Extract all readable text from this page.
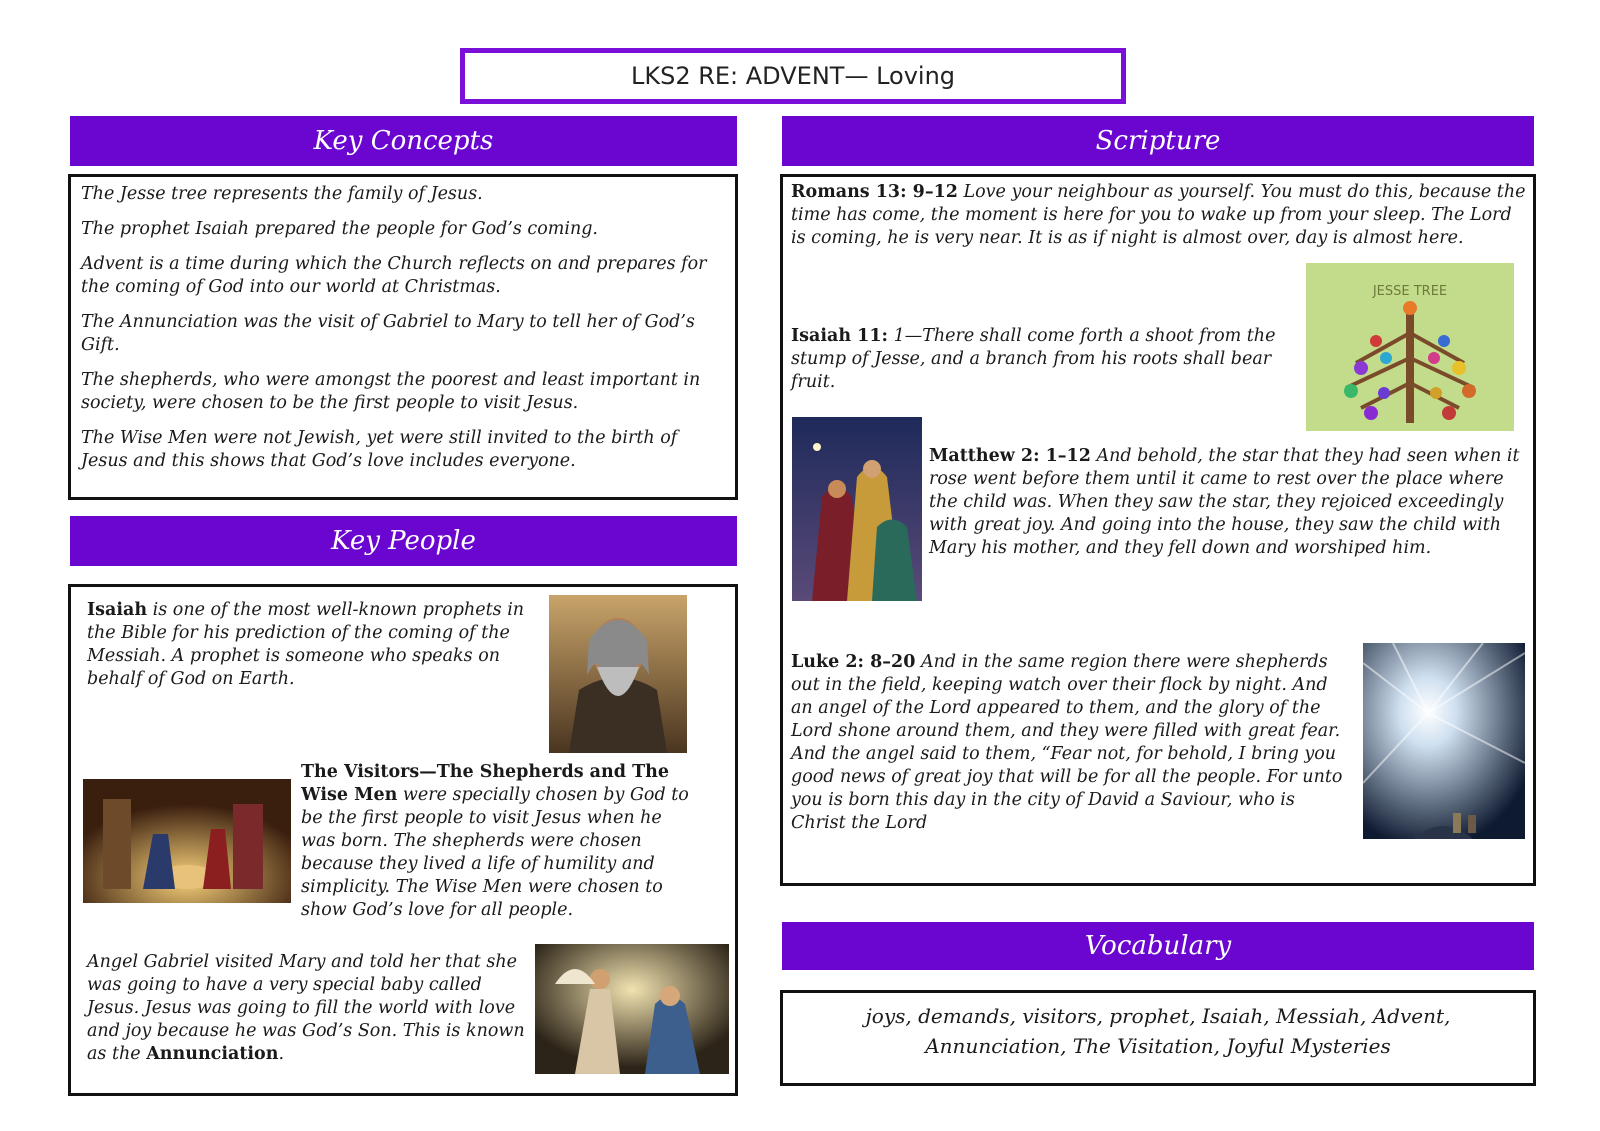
LKS2 RE: ADVENT— Loving
Key Concepts

The Jesse tree represents the family of Jesus.

The prophet Isaiah prepared the people for God’s coming.

Advent is a time during which the Church reflects on and prepares for the coming of God into our world at Christmas.

The Annunciation was the visit of Gabriel to Mary to tell her of God’s Gift.

The shepherds, who were amongst the poorest and least important in society, were chosen to be the first people to visit Jesus.

The Wise Men were not Jewish, yet were still invited to the birth of Jesus and this shows that God’s love includes everyone.

Key People
Isaiah is one of the most well-known prophets in the Bible for his prediction of the coming of the Messiah. A prophet is someone who speaks on behalf of God on Earth.
The Visitors—The Shepherds and The Wise Men were specially chosen by God to be the first people to visit Jesus when he was born. The shepherds were chosen because they lived a life of humility and simplicity. The Wise Men were chosen to show God’s love for all people.
Angel Gabriel visited Mary and told her that she was going to have a very special baby called Jesus. Jesus was going to fill the world with love and joy because he was God’s Son. This is known as the Annunciation.
Scripture
Romans 13: 9–12 Love your neighbour as yourself. You must do this, because the time has come, the moment is here for you to wake up from your sleep. The Lord is coming, he is very near. It is as if night is almost over, day is almost here.
Isaiah 11: 1—There shall come forth a shoot from the stump of Jesse, and a branch from his roots shall bear fruit.
JESSE TREE
Matthew 2: 1–12 And behold, the star that they had seen when it rose went before them until it came to rest over the place where the child was. When they saw the star, they rejoiced exceedingly with great joy. And going into the house, they saw the child with Mary his mother, and they fell down and worshiped him.
Luke 2: 8–20 And in the same region there were shepherds out in the field, keeping watch over their flock by night. And an angel of the Lord appeared to them, and the glory of the Lord shone around them, and they were filled with great fear. And the angel said to them, “Fear not, for behold, I bring you good news of great joy that will be for all the people. For unto you is born this day in the city of David a Saviour, who is Christ the Lord
Vocabulary
joys, demands, visitors, prophet, Isaiah, Messiah, Advent,
Annunciation, The Visitation, Joyful Mysteries
